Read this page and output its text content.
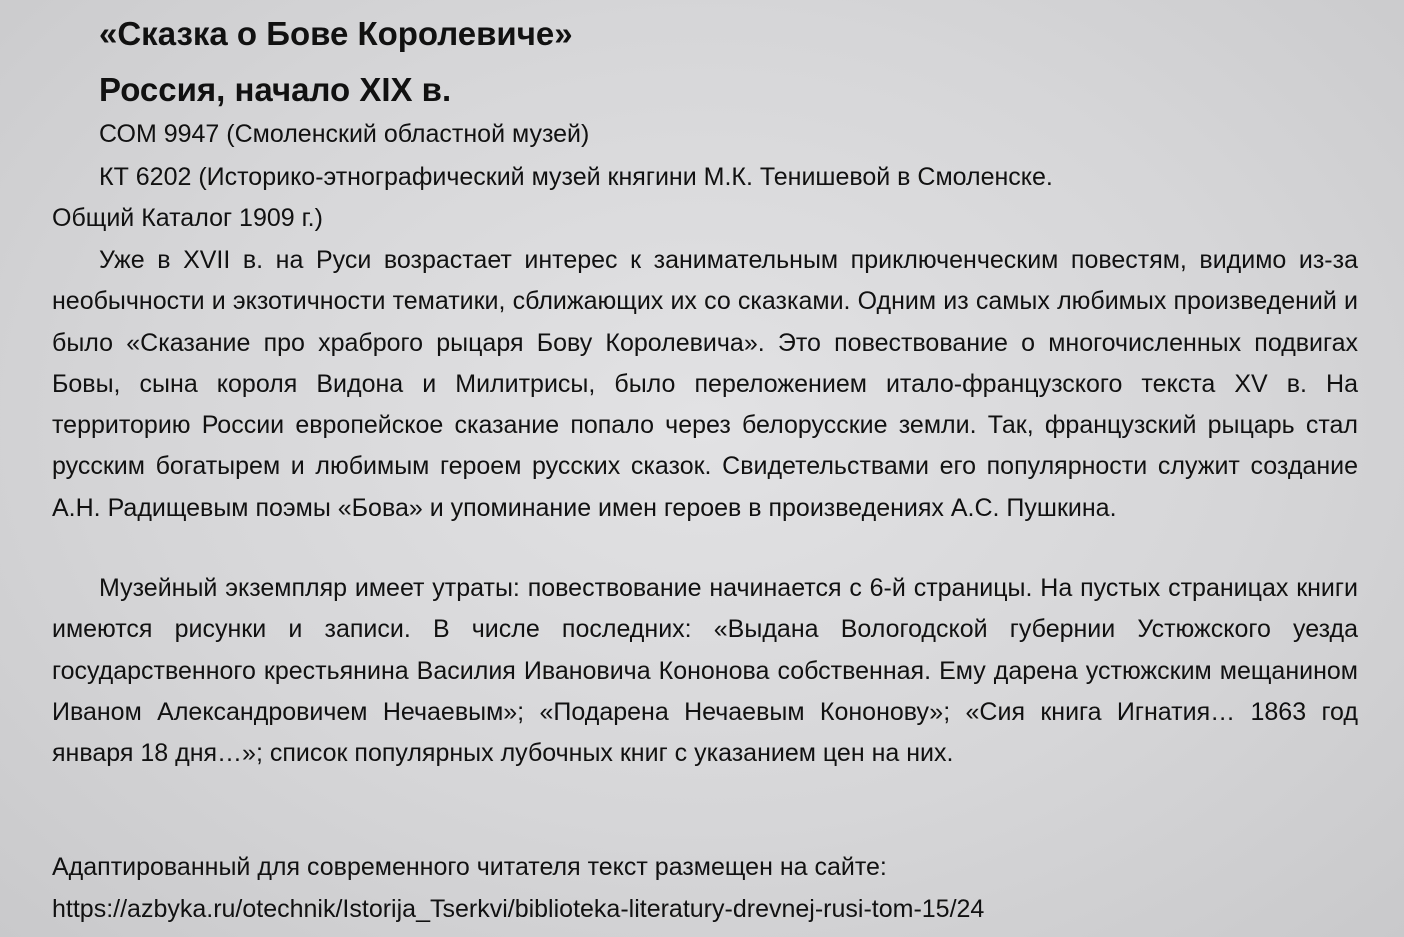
«Сказка о Бове Королевиче»
Россия, начало XIX в.
СОМ 9947 (Смоленский областной музей)
КТ 6202 (Историко-этнографический музей княгини М.К. Тенишевой в Смоленске.
Общий Каталог 1909 г.)

Уже в XVII в. на Руси возрастает интерес к занимательным приключенческим повестям, видимо из-за необычности и экзотичности тематики, сближающих их со сказками. Одним из самых любимых произведений и было «Сказание про храброго рыцаря Бову Королевича». Это повествование о многочисленных подвигах Бовы, сына короля Видона и Милитрисы, было переложением итало-французского текста XV в. На территорию России европейское сказание попало через белорусские земли. Так, французский рыцарь стал русским богатырем и любимым героем русских сказок. Свидетельствами его популярности служит создание А.Н. Радищевым поэмы «Бова» и упоминание имен героев в произведениях А.С. Пушкина.

Музейный экземпляр имеет утраты: повествование начинается с 6-й страницы. На пустых страницах книги имеются рисунки и записи. В числе последних: «Выдана Вологодской губернии Устюжского уезда государственного крестьянина Василия Ивановича Кононова собственная. Ему дарена устюжским мещанином Иваном Александровичем Нечаевым»; «Подарена Нечаевым Кононову»; «Сия книга Игнатия… 1863 год января 18 дня…»; список популярных лубочных книг с указанием цен на них.

Адаптированный для современного читателя текст размещен на сайте:
https://azbyka.ru/otechnik/Istorija_Tserkvi/biblioteka-literatury-drevnej-rusi-tom-15/24
